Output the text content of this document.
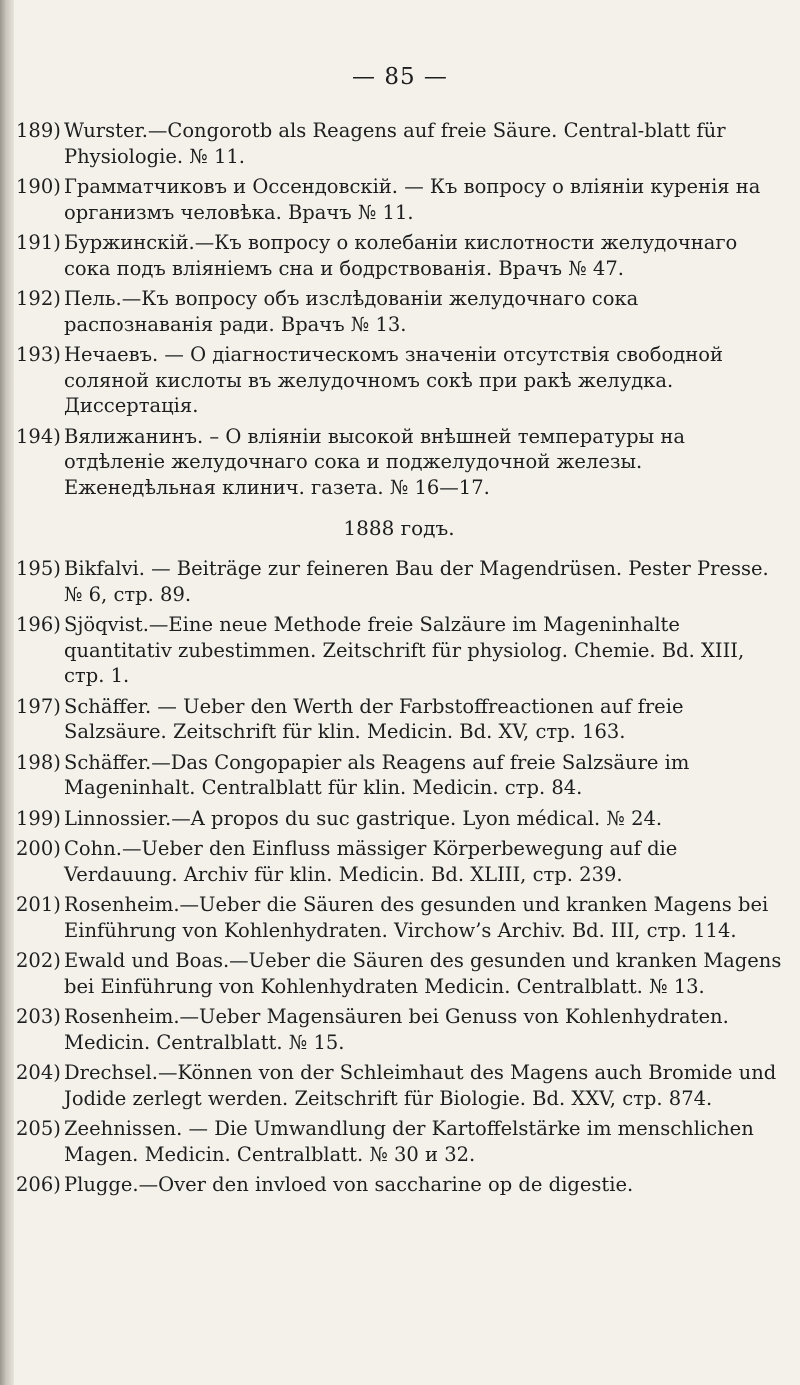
— 85 —
189) Wurster.—Congorotb als Reagens auf freie Säure. Central-blatt für Physiologie. № 11.
190) Грамматчиковъ и Оссендовскій. — Къ вопросу о вліяніи куренія на организмъ человѣка. Врачъ № 11.
191) Буржинскій.—Къ вопросу о колебаніи кислотности желудочнаго сока подъ вліяніемъ сна и бодрствованія. Врачъ № 47.
192) Пель.—Къ вопросу объ изслѣдованіи желудочнаго сока распознаванія ради. Врачъ № 13.
193) Нечаевъ. — О діагностическомъ значеніи отсутствія свободной соляной кислоты въ желудочномъ сокѣ при ракѣ желудка. Диссертація.
194) Вялижанинъ. – О вліяніи высокой внѣшней температуры на отдѣленіе желудочнаго сока и поджелудочной железы. Еженедѣльная клинич. газета. № 16—17.
1888 годъ.
195) Bikfalvi. — Beiträge zur feineren Bau der Magendrüsen. Pester Presse. № 6, стр. 89.
196) Sjöqvist.—Eine neue Methode freie Salzäure im Mageninhalte quantitativ zubestimmen. Zeitschrift für physiolog. Chemie. Bd. XIII, стр. 1.
197) Schäffer. — Ueber den Werth der Farbstoffreactionen auf freie Salzsäure. Zeitschrift für klin. Medicin. Bd. XV, стр. 163.
198) Schäffer.—Das Congopapier als Reagens auf freie Salzsäure im Mageninhalt. Centralblatt für klin. Medicin. стр. 84.
199) Linnossier.—A propos du suc gastrique. Lyon médical. № 24.
200) Cohn.—Ueber den Einfluss mässiger Körperbewegung auf die Verdauung. Archiv für klin. Medicin. Bd. XLIII, стр. 239.
201) Rosenheim.—Ueber die Säuren des gesunden und kranken Magens bei Einführung von Kohlenhydraten. Virchow’s Archiv. Bd. III, стр. 114.
202) Ewald und Boas.—Ueber die Säuren des gesunden und kranken Magens bei Einführung von Kohlenhydraten Medicin. Centralblatt. № 13.
203) Rosenheim.—Ueber Magensäuren bei Genuss von Kohlenhydraten. Medicin. Centralblatt. № 15.
204) Drechsel.—Können von der Schleimhaut des Magens auch Bromide und Jodide zerlegt werden. Zeitschrift für Biologie. Bd. XXV, стр. 874.
205) Zeehnissen. — Die Umwandlung der Kartoffelstärke im menschlichen Magen. Medicin. Centralblatt. № 30 и 32.
206) Plugge.—Over den invloed von saccharine op de digestie.
